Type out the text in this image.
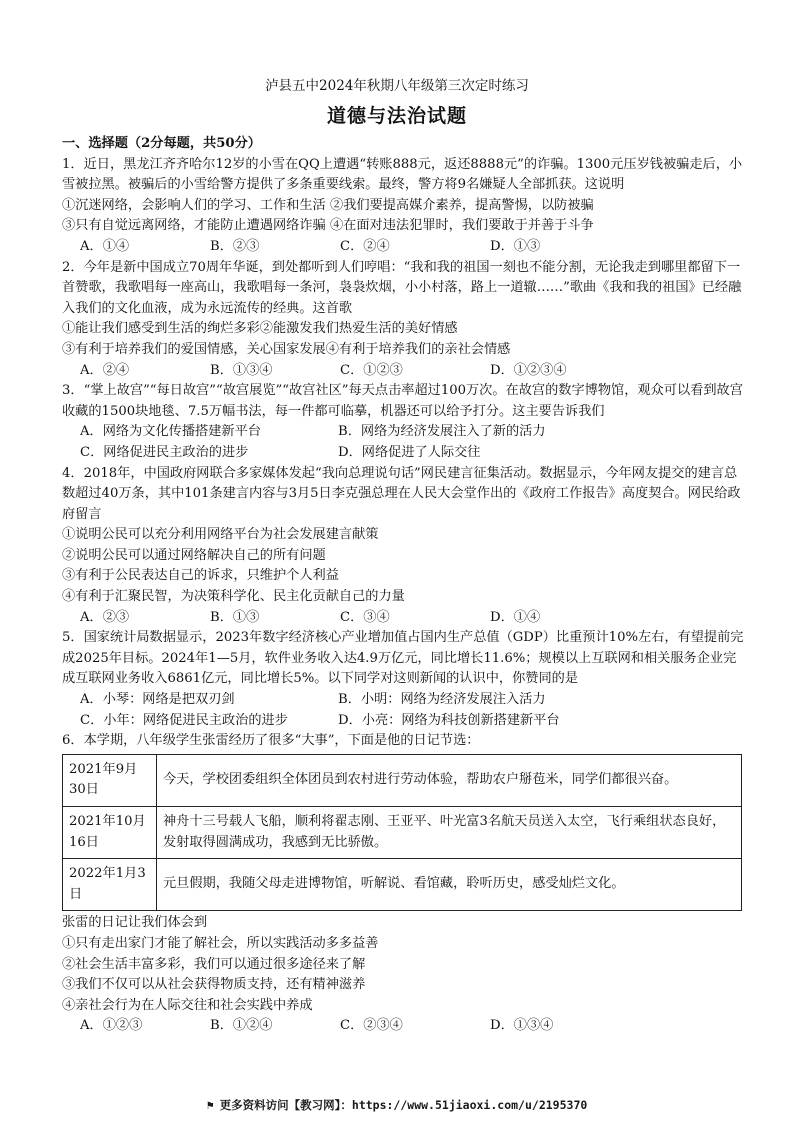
泸县五中2024年秋期八年级第三次定时练习
道德与法治试题
一、选择题（2分每题，共50分）

1．近日，黑龙江齐齐哈尔12岁的小雪在QQ上遭遇“转账888元，返还8888元”的诈骗。1300元压岁钱被骗走后，小雪被拉黑。被骗后的小雪给警方提供了多条重要线索。最终，警方将9名嫌疑人全部抓获。这说明

①沉迷网络，会影响人们的学习、工作和生活 ②我们要提高媒介素养，提高警惕，以防被骗
③只有自觉远离网络，才能防止遭遇网络诈骗 ④在面对违法犯罪时，我们要敢于并善于斗争
A．①④	B．②③	C．②④	D．①③

2．今年是新中国成立70周年华诞，到处都听到人们哼唱：“我和我的祖国一刻也不能分割，无论我走到哪里都留下一首赞歌，我歌唱每一座高山，我歌唱每一条河，袅袅炊烟，小小村落，路上一道辙……”歌曲《我和我的祖国》已经融入我们的文化血液，成为永远流传的经典。这首歌

①能让我们感受到生活的绚烂多彩②能激发我们热爱生活的美好情感
③有利于培养我们的爱国情感，关心国家发展④有利于培养我们的亲社会情感
A．②④	B．①③④	C．①②③	D．①②③④

3．“掌上故宫”“每日故宫”“故宫展览”“故宫社区”每天点击率超过100万次。在故宫的数字博物馆，观众可以看到故宫收藏的1500块地毯、7.5万幅书法，每一件都可临摹，机器还可以给予打分。这主要告诉我们

A．网络为文化传播搭建新平台	B．网络为经济发展注入了新的活力
C．网络促进民主政治的进步	D．网络促进了人际交往

4．2018年，中国政府网联合多家媒体发起“我向总理说句话”网民建言征集活动。数据显示，今年网友提交的建言总数超过40万条，其中101条建言内容与3月5日李克强总理在人民大会堂作出的《政府工作报告》高度契合。网民给政府留言

①说明公民可以充分利用网络平台为社会发展建言献策
②说明公民可以通过网络解决自己的所有问题
③有利于公民表达自己的诉求，只维护个人利益
④有利于汇聚民智，为决策科学化、民主化贡献自己的力量
A．②③	B．①③	C．③④	D．①④

5．国家统计局数据显示，2023年数字经济核心产业增加值占国内生产总值（GDP）比重预计10%左右，有望提前完成2025年目标。2024年1—5月，软件业务收入达4.9万亿元，同比增长11.6%；规模以上互联网和相关服务企业完成互联网业务收入6861亿元，同比增长5%。以下同学对这则新闻的认识中，你赞同的是

A．小琴：网络是把双刃剑	B．小明：网络为经济发展注入活力
C．小年：网络促进民主政治的进步	D．小亮：网络为科技创新搭建新平台

6．本学期，八年级学生张雷经历了很多“大事”，下面是他的日记节选：

2021年9月30日	今天，学校团委组织全体团员到农村进行劳动体验，帮助农户掰苞米，同学们都很兴奋。
2021年10月16日	神舟十三号载人飞船，顺利将翟志刚、王亚平、叶光富3名航天员送入太空，飞行乘组状态良好，发射取得圆满成功，我感到无比骄傲。
2022年1月3日	元旦假期，我随父母走进博物馆，听解说、看馆藏，聆听历史，感受灿烂文化。
张雷的日记让我们体会到
①只有走出家门才能了解社会，所以实践活动多多益善
②社会生活丰富多彩，我们可以通过很多途径来了解
③我们不仅可以从社会获得物质支持，还有精神滋养
④亲社会行为在人际交往和社会实践中养成
A．①②③	B．①②④	C．②③④	D．①③④
⚑ 更多资料访问【教习网】：https://www.51jiaoxi.com/u/2195370
